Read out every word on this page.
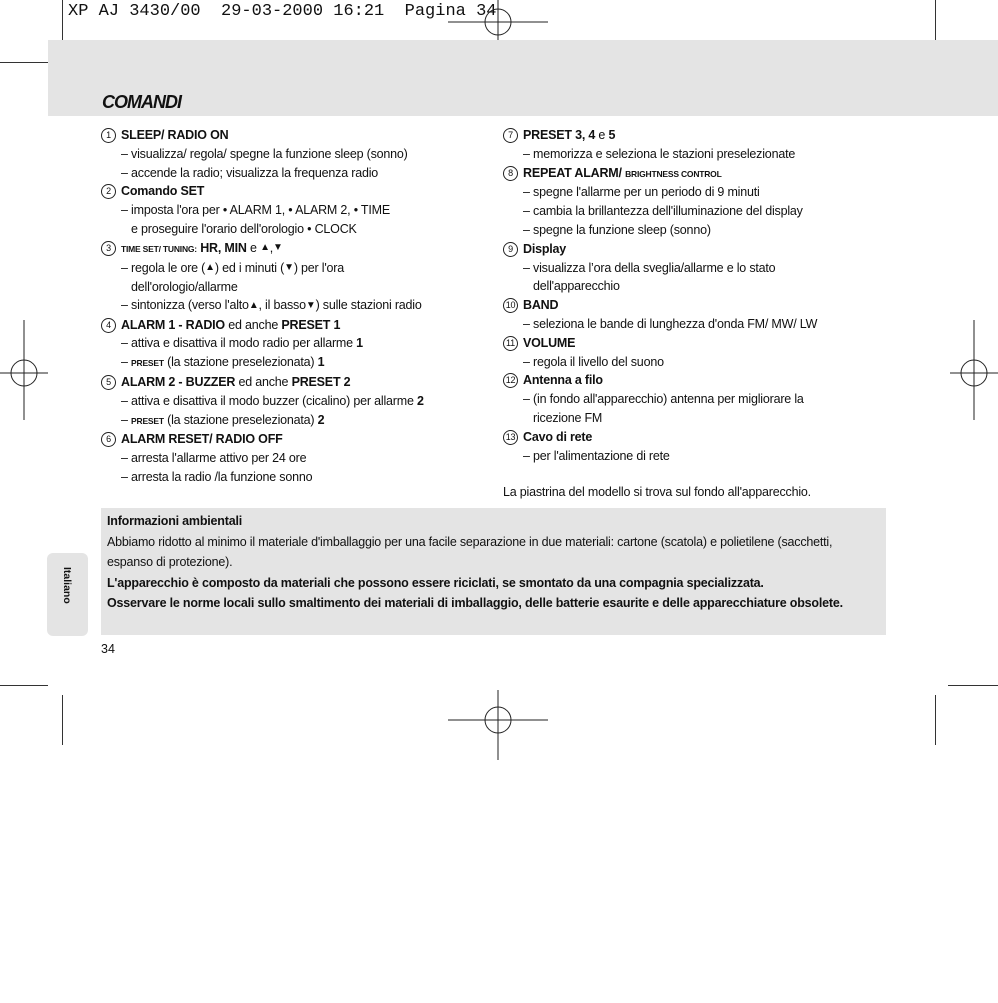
XP AJ 3430/00  29-03-2000 16:21  Pagina 34
COMANDI
1 SLEEP/ RADIO ON
– visualizza/ regola/ spegne la funzione sleep (sonno)
– accende la radio; visualizza la frequenza radio
2 Comando SET
– imposta l'ora per • ALARM 1, • ALARM 2, • TIME
e proseguire l'orario dell'orologio • CLOCK
3	TIME SET/ TUNING: HR, MIN e ▲,▼
– regola le ore (▲) ed i minuti (▼) per l'ora
dell'orologio/allarme
– sintonizza (verso l'alto▲, il basso▼) sulle stazioni radio
4 ALARM 1 - RADIO ed anche PRESET 1
– attiva e disattiva il modo radio per allarme 1
– PRESET (la stazione preselezionata) 1
5 ALARM 2 - BUZZER ed anche PRESET 2
– attiva e disattiva il modo buzzer (cicalino) per allarme 2
– PRESET (la stazione preselezionata) 2
6 ALARM RESET/ RADIO OFF
– arresta l'allarme attivo per 24 ore
– arresta la radio /la funzione sonno
7 PRESET 3, 4 e 5
– memorizza e seleziona le stazioni preselezionate
8 REPEAT ALARM/ BRIGHTNESS CONTROL
– spegne l'allarme per un periodo di 9 minuti
– cambia la brillantezza dell'illuminazione del display
– spegne la funzione sleep (sonno)
9 Display
– visualizza l’ora della sveglia/allarme e lo stato
dell'apparecchio
10 BAND
– seleziona le bande di lunghezza d'onda FM/ MW/ LW
11 VOLUME
– regola il livello del suono
12 Antenna a filo
– (in fondo all'apparecchio) antenna per migliorare la
ricezione FM
13 Cavo di rete
– per l'alimentazione di rete
La piastrina del modello si trova sul fondo all'apparecchio.
Informazioni ambientali
Abbiamo ridotto al minimo il materiale d'imballaggio per una facile separazione in due materiali: cartone (scatola) e polietilene (sacchetti, espanso di protezione).
L'apparecchio è composto da materiali che possono essere riciclati, se smontato da una compagnia specializzata.
Osservare le norme locali sullo smaltimento dei materiali di imballaggio, delle batterie esaurite e delle apparecchiature obsolete.
Italiano
34
